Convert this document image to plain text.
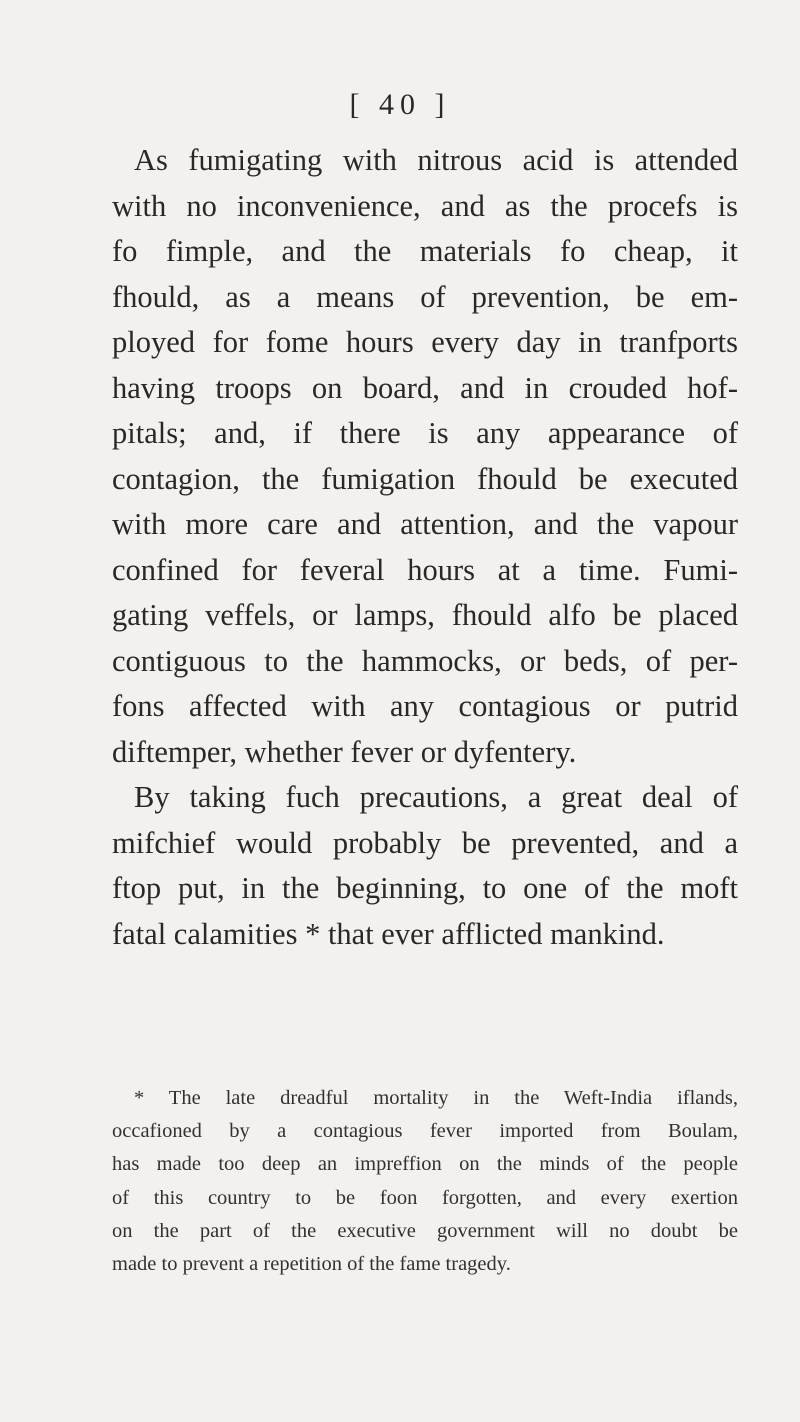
[ 40 ]
As fumigating with nitrous acid is attended
with no inconvenience, and as the procefs is
fo fimple, and the materials fo cheap, it
fhould, as a means of prevention, be em-
ployed for fome hours every day in tranfports
having troops on board, and in crouded hof-
pitals; and, if there is any appearance of
contagion, the fumigation fhould be executed
with more care and attention, and the vapour
confined for feveral hours at a time. Fumi-
gating veffels, or lamps, fhould alfo be placed
contiguous to the hammocks, or beds, of per-
fons affected with any contagious or putrid
diftemper, whether fever or dyfentery.
By taking fuch precautions, a great deal of
mifchief would probably be prevented, and a
ftop put, in the beginning, to one of the moft
fatal calamities * that ever afflicted mankind.
* The late dreadful mortality in the Weft-India iflands,
occafioned by a contagious fever imported from Boulam,
has made too deep an impreffion on the minds of the people
of this country to be foon forgotten, and every exertion
on the part of the executive government will no doubt be
made to prevent a repetition of the fame tragedy.
